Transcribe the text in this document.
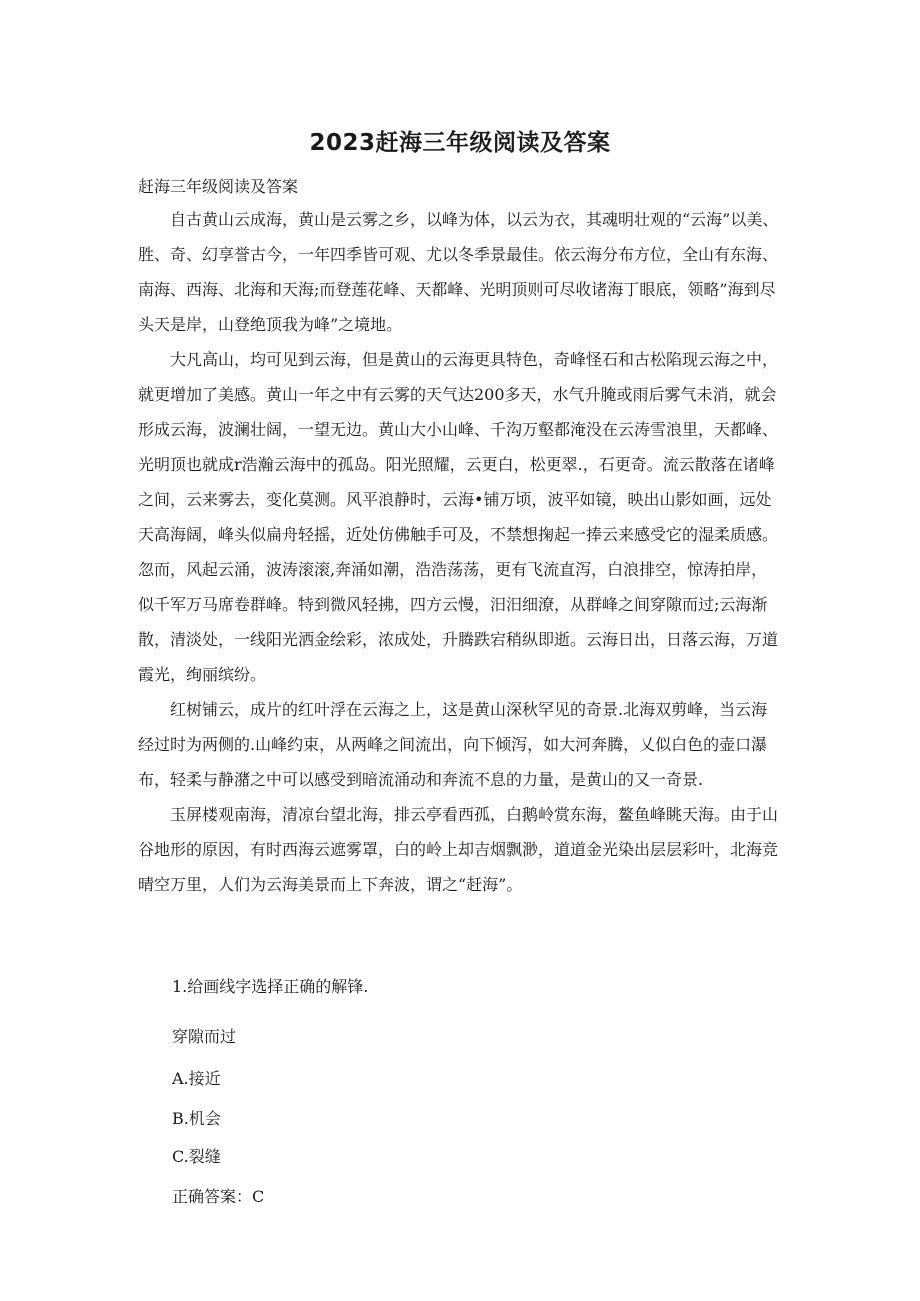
2023赶海三年级阅读及答案
赶海三年级阅读及答案

自古黄山云成海，黄山是云雾之乡，以峰为体，以云为衣，其魂明壮观的“云海”以美、胜、奇、幻享誉古今，一年四季皆可观、尤以冬季景最佳。依云海分布方位，全山有东海、南海、西海、北海和天海;而登莲花峰、天都峰、光明顶则可尽收诸海丁眼底，领略”海到尽头天是岸，山登绝顶我为峰”之境地。

大凡高山，均可见到云海，但是黄山的云海更具特色，奇峰怪石和古松陷现云海之中，就更增加了美感。黄山一年之中有云雾的天气达200多天，水气升腌或雨后雾气未消，就会形成云海，波澜壮阔，一望无边。黄山大小山峰、千沟万壑都淹没在云涛雪浪里，天都峰、光明顶也就成r浩瀚云海中的孤岛。阳光照耀，云更白，松更翠.，石更奇。流云散落在诸峰之间，云来雾去，变化莫测。风平浪静时，云海•铺万顷，波平如镜，映出山影如画，远处天高海阔，峰头似扁舟轻摇，近处仿佛触手可及，不禁想掬起一捧云来感受它的湿柔质感。忽而，风起云涌，波涛滚滚,奔涌如潮，浩浩荡荡，更有飞流直泻，白浪排空，惊涛拍岸，似千军万马席卷群峰。特到微风轻拂，四方云慢，汨汨细潦，从群峰之间穿隙而过;云海渐散，清淡处，一线阳光洒金绘彩，浓成处，升腾跌宕稍纵即逝。云海日出，日落云海，万道霞光，绚丽缤纷。

红树铺云，成片的红叶浮在云海之上，这是黄山深秋罕见的奇景.北海双剪峰，当云海经过时为两侧的.山峰约束，从两峰之间流出，向下倾泻，如大河奔腾，乂似白色的壶口瀑布，轻柔与静潴之中可以感受到暗流涌动和奔流不息的力量，是黄山的又一奇景.

玉屏楼观南海，清凉台望北海，排云亭看西孤，白鹅岭赏东海，鳌鱼峰眺天海。由于山谷地形的原因，有时西海云遮雾罩，白的岭上却吉烟飘渺，道道金光染出层层彩叶，北海竞晴空万里，人们为云海美景而上下奔波，谓之“赶海”。

1.给画线字选择正确的解锋.
穿隙而过
A.接近
B.机会
C.裂缝
正确答案：C
